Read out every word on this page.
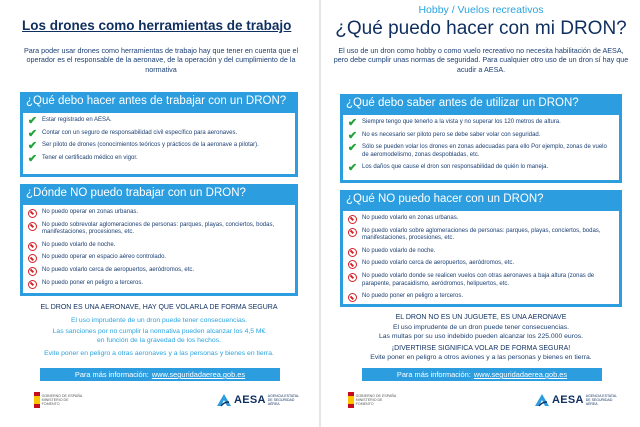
Los drones como herramientas de trabajo
Para poder usar drones como herramientas de trabajo hay que tener en cuenta que el operador es el responsable de la aeronave, de la operación y del cumplimiento de la normativa
¿Qué debo hacer antes de trabajar con un DRON?
✔ Estar registrado en AESA.
✔ Contar con un seguro de responsabilidad civil específico para aeronaves.
✔ Ser piloto de drones (conocimientos teóricos y prácticos de la aeronave a pilotar).
✔ Tener el certificado médico en vigor.
¿Dónde NO puedo trabajar con un DRON?
No puedo operar en zonas urbanas.
No puedo sobrevolar aglomeraciones de personas: parques, playas, conciertos, bodas, manifestaciones, procesiones, etc.
No puedo volarlo de noche.
No puedo operar en espacio aéreo controlado.
No puedo volarlo cerca de aeropuertos, aeródromos, etc.
No puedo poner en peligro a terceros.
EL DRON ES UNA AERONAVE, HAY QUE VOLARLA DE FORMA SEGURA
El uso imprudente de un dron puede tener consecuencias.
Las sanciones por no cumplir la normativa pueden alcanzar los 4,5 M€
en función de la gravedad de los hechos.
Evite poner en peligro a otras aeronaves y a las personas y bienes en tierra.
Para más información: www.seguridadaerea.gob.es
GOBIERNO DE ESPAÑA MINISTERIO DE FOMENTO	AESA AGENCIA ESTATAL DE SEGURIDAD AÉREA
Hobby / Vuelos recreativos
¿Qué puedo hacer con mi DRON?
El uso de un dron como hobby o como vuelo recreativo no necesita habilitación de AESA, pero debe cumplir unas normas de seguridad. Para cualquier otro uso de un dron sí hay que acudir a AESA.
¿Qué debo saber antes de utilizar un DRON?
✔ Siempre tengo que tenerlo a la vista y no superar los 120 metros de altura.
✔ No es necesario ser piloto pero se debe saber volar con seguridad.
✔ Sólo se pueden volar los drones en zonas adecuadas para ello Por ejemplo, zonas de vuelo de aeromodelismo, zonas despobladas, etc.
✔ Los daños que cause el dron son responsabilidad de quién lo maneja.
¿Qué NO puedo hacer con un DRON?
No puedo volarlo en zonas urbanas.
No puedo volarlo sobre aglomeraciones de personas: parques, playas, conciertos, bodas, manifestaciones, procesiones, etc.
No puedo volarlo de noche.
No puedo volarlo cerca de aeropuertos, aeródromos, etc.
No puedo volarlo donde se realicen vuelos con otras aeronaves a baja altura (zonas de parapente, paracaidismo, aeródromos, helipuertos, etc.
No puedo poner en peligro a terceros.
EL DRON NO ES UN JUGUETE, ES UNA AERONAVE
El uso imprudente de un dron puede tener consecuencias.
Las multas por su uso indebido pueden alcanzar los 225.000 euros.
¡DIVERTIRSE SIGNIFICA VOLAR DE FORMA SEGURA!
Evite poner en peligro a otros aviones y a las personas y bienes en tierra.
Para más información: www.seguridadaerea.gob.es
GOBIERNO DE ESPAÑA MINISTERIO DE FOMENTO	AESA AGENCIA ESTATAL DE SEGURIDAD AÉREA
